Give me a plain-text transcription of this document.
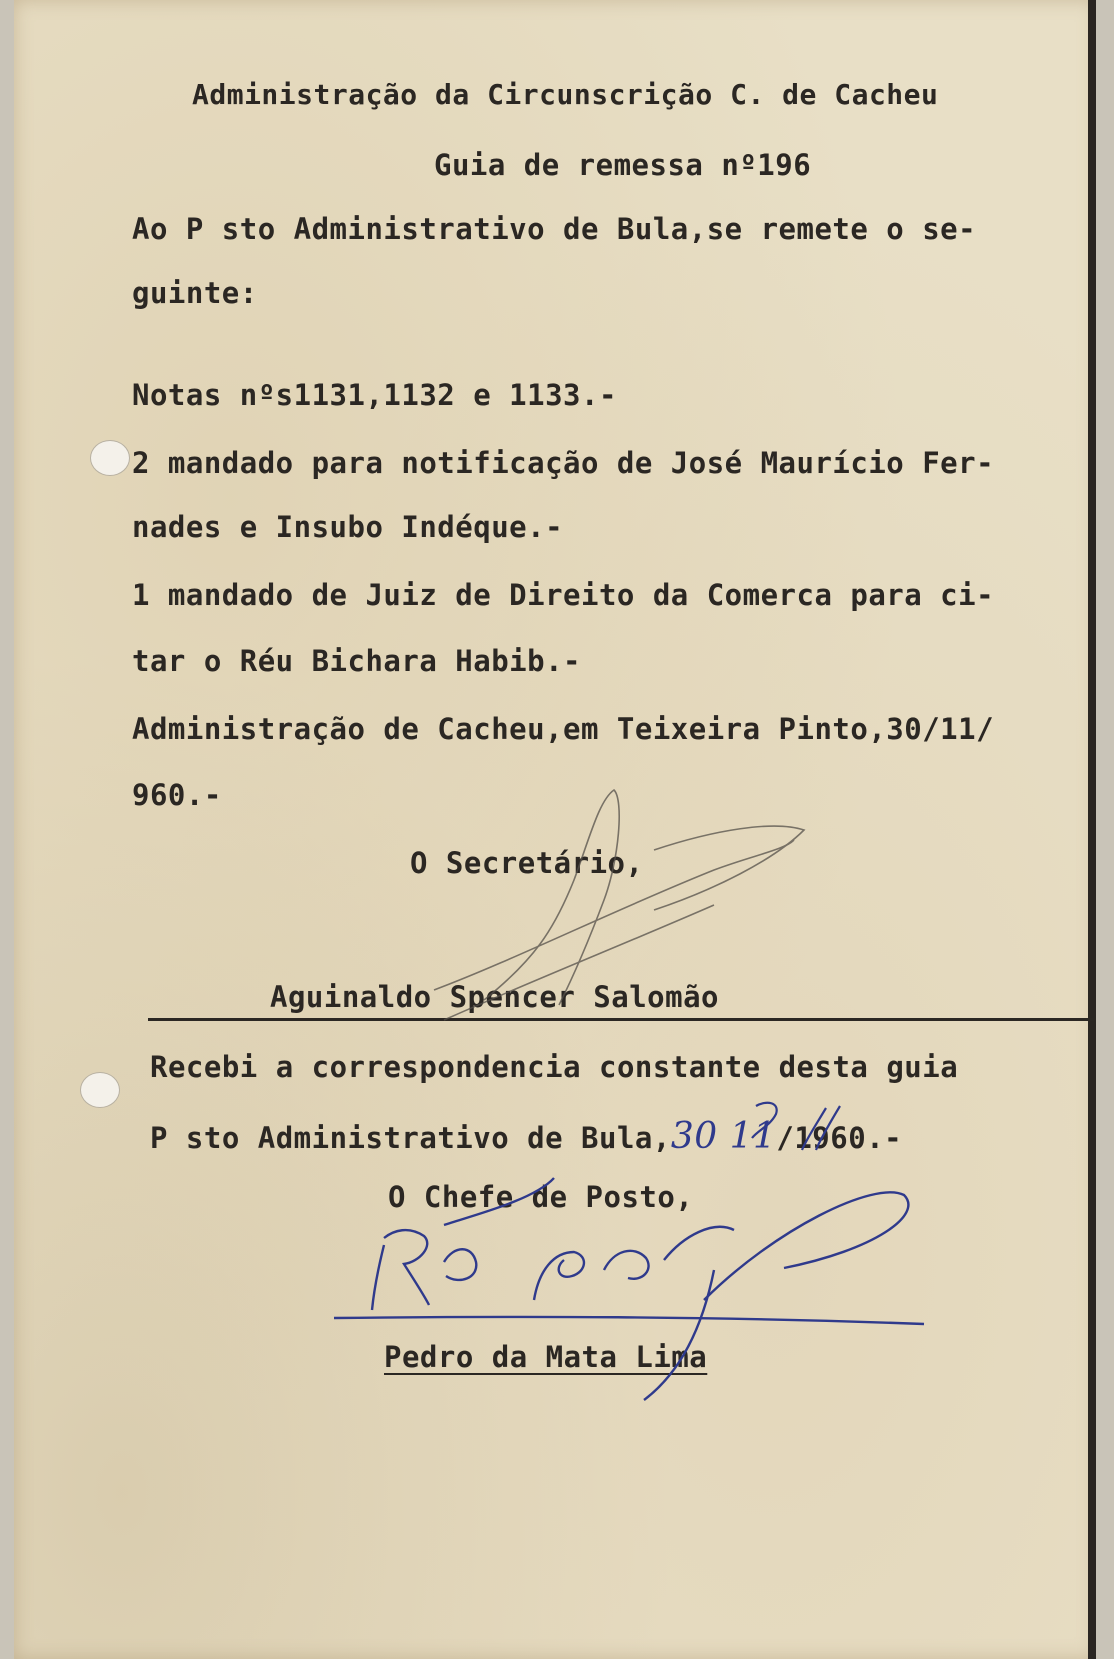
Administração da Circunscrição C. de Cacheu
Guia de remessa nº196
Ao P sto Administrativo de Bula,se remete o se-
guinte:
Notas nºs1131,1132 e 1133.-
2 mandado para notificação de José Maurício Fer-
nades e Insubo Indéque.-
1 mandado de Juiz de Direito da Comerca para ci-
tar o Réu Bichara Habib.-
Administração de Cacheu,em Teixeira Pinto,30/11/
960.-
O Secretário,
Aguinaldo Spencer Salomão
Recebi a correspondencia constante desta guia
P sto Administrativo de Bula,30 11/1960.-
O Chefe de Posto,
Pedro da Mata Lima
